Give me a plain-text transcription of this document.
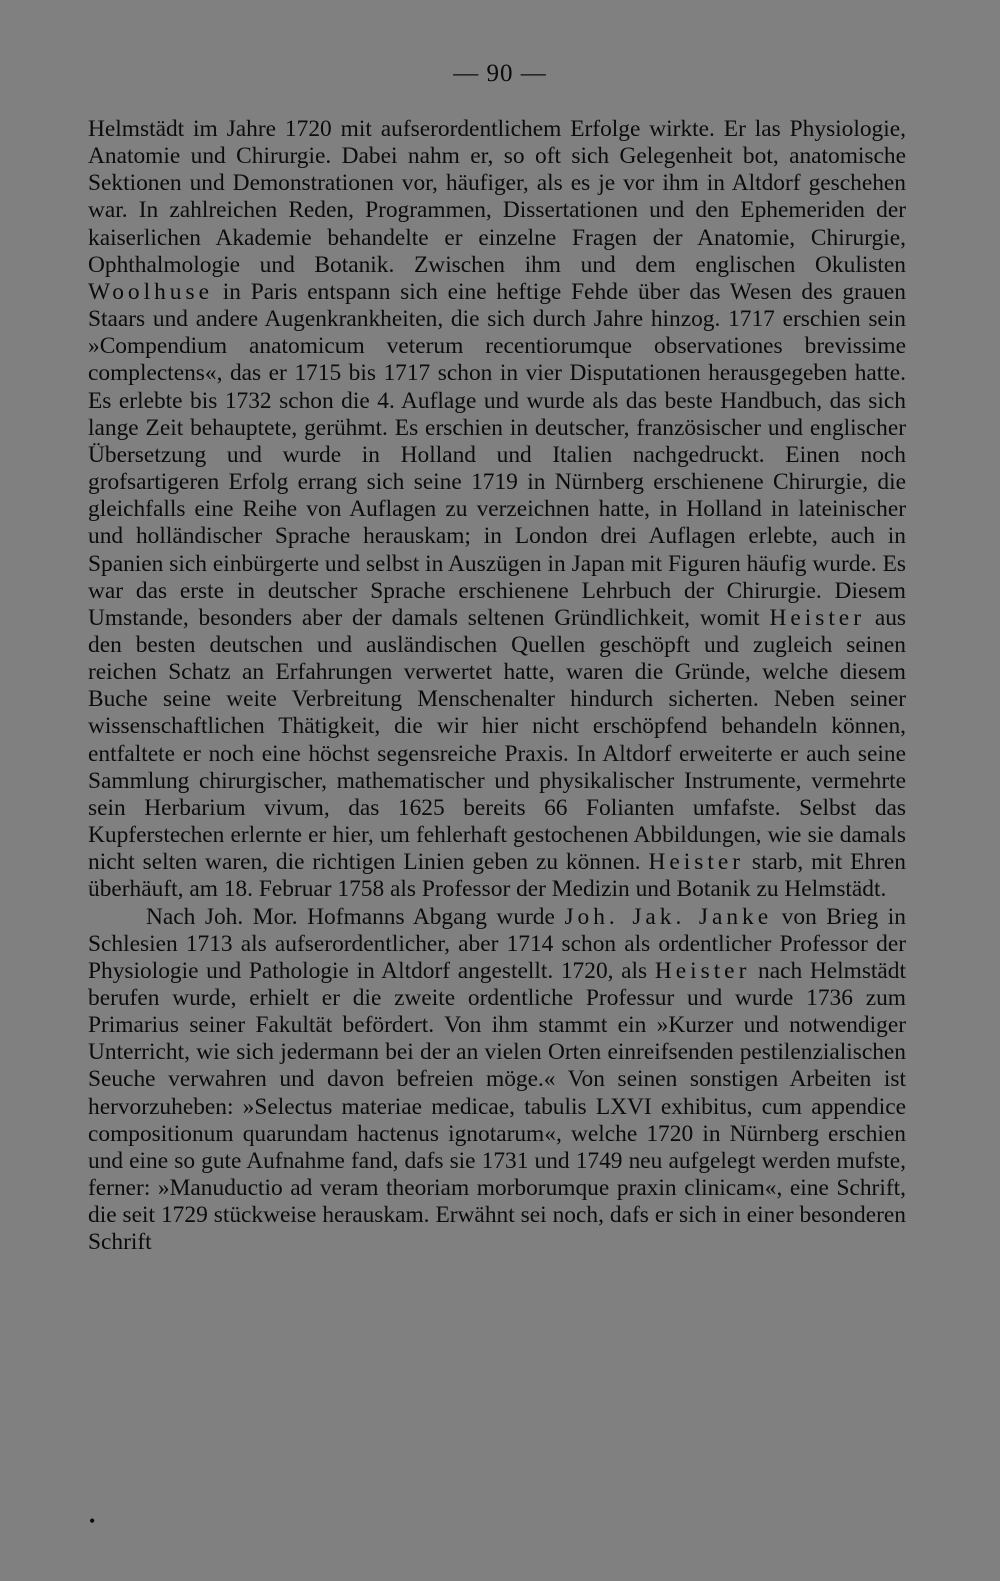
— 90 —

Helmstädt im Jahre 1720 mit aufserordentlichem Erfolge wirkte. Er las Physiologie, Anatomie und Chirurgie. Dabei nahm er, so oft sich Gelegenheit bot, anatomische Sektionen und Demonstrationen vor, häufiger, als es je vor ihm in Altdorf geschehen war. In zahlreichen Reden, Programmen, Dissertationen und den Ephemeriden der kaiserlichen Akademie behandelte er einzelne Fragen der Anatomie, Chirurgie, Ophthalmologie und Botanik. Zwischen ihm und dem englischen Okulisten Woolhuse in Paris entspann sich eine heftige Fehde über das Wesen des grauen Staars und andere Augenkrankheiten, die sich durch Jahre hinzog. 1717 erschien sein »Compendium anatomicum veterum recentiorumque observationes brevissime complectens«, das er 1715 bis 1717 schon in vier Disputationen herausgegeben hatte. Es erlebte bis 1732 schon die 4. Auflage und wurde als das beste Handbuch, das sich lange Zeit behauptete, gerühmt. Es erschien in deutscher, französischer und englischer Übersetzung und wurde in Holland und Italien nachgedruckt. Einen noch grofsartigeren Erfolg errang sich seine 1719 in Nürnberg erschienene Chirurgie, die gleichfalls eine Reihe von Auflagen zu verzeichnen hatte, in Holland in lateinischer und holländischer Sprache herauskam; in London drei Auflagen erlebte, auch in Spanien sich einbürgerte und selbst in Auszügen in Japan mit Figuren häufig wurde. Es war das erste in deutscher Sprache erschienene Lehrbuch der Chirurgie. Diesem Umstande, besonders aber der damals seltenen Gründlichkeit, womit Heister aus den besten deutschen und ausländischen Quellen geschöpft und zugleich seinen reichen Schatz an Erfahrungen verwertet hatte, waren die Gründe, welche diesem Buche seine weite Verbreitung Menschenalter hindurch sicherten. Neben seiner wissenschaftlichen Thätigkeit, die wir hier nicht erschöpfend behandeln können, entfaltete er noch eine höchst segensreiche Praxis. In Altdorf erweiterte er auch seine Sammlung chirurgischer, mathematischer und physikalischer Instrumente, vermehrte sein Herbarium vivum, das 1625 bereits 66 Folianten umfafste. Selbst das Kupferstechen erlernte er hier, um fehlerhaft gestochenen Abbildungen, wie sie damals nicht selten waren, die richtigen Linien geben zu können. Heister starb, mit Ehren überhäuft, am 18. Februar 1758 als Professor der Medizin und Botanik zu Helmstädt.

Nach Joh. Mor. Hofmanns Abgang wurde Joh. Jak. Janke von Brieg in Schlesien 1713 als aufserordentlicher, aber 1714 schon als ordentlicher Professor der Physiologie und Pathologie in Altdorf angestellt. 1720, als Heister nach Helmstädt berufen wurde, erhielt er die zweite ordentliche Professur und wurde 1736 zum Primarius seiner Fakultät befördert. Von ihm stammt ein »Kurzer und notwendiger Unterricht, wie sich jedermann bei der an vielen Orten einreifsenden pestilenzialischen Seuche verwahren und davon befreien möge.« Von seinen sonstigen Arbeiten ist hervorzuheben: »Selectus materiae medicae, tabulis LXVI exhibitus, cum appendice compositionum quarundam hactenus ignotarum«, welche 1720 in Nürnberg erschien und eine so gute Aufnahme fand, dafs sie 1731 und 1749 neu aufgelegt werden mufste, ferner: »Manuductio ad veram theoriam morborumque praxin clinicam«, eine Schrift, die seit 1729 stückweise herauskam. Erwähnt sei noch, dafs er sich in einer besonderen Schrift

•
